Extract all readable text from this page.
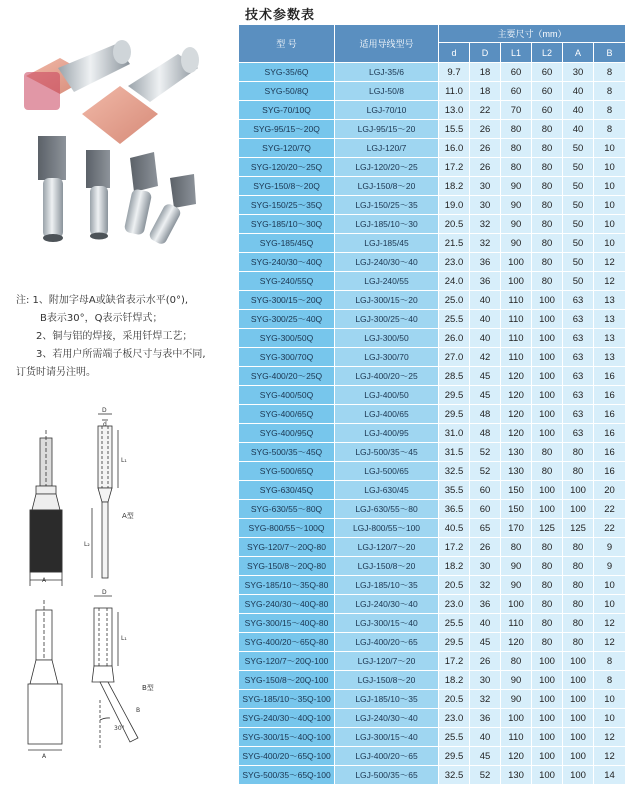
注: 1、附加字母A或缺省表示水平(0°),
B表示30°，Q表示钎焊式；
2、铜与铝的焊接，采用钎焊工艺；
3、若用户所需端子板尺寸与表中不同,
订货时请另注明。
A
D
d
L₁
L₂
A型
A
30°
B
B型
D
L₁
技术参数表
型 号	适用导线型号	主要尺寸（mm）					
		d	D	L1	L2	A	B
SYG-35/6Q	LGJ-35/6	9.7	18	60	60	30	8
SYG-50/8Q	LGJ-50/8	11.0	18	60	60	40	8
SYG-70/10Q	LGJ-70/10	13.0	22	70	60	40	8
SYG-95/15～20Q	LGJ-95/15～20	15.5	26	80	80	40	8
SYG-120/7Q	LGJ-120/7	16.0	26	80	80	50	10
SYG-120/20～25Q	LGJ-120/20～25	17.2	26	80	80	50	10
SYG-150/8～20Q	LGJ-150/8～20	18.2	30	90	80	50	10
SYG-150/25～35Q	LGJ-150/25～35	19.0	30	90	80	50	10
SYG-185/10～30Q	LGJ-185/10～30	20.5	32	90	80	50	10
SYG-185/45Q	LGJ-185/45	21.5	32	90	80	50	10
SYG-240/30～40Q	LGJ-240/30～40	23.0	36	100	80	50	12
SYG-240/55Q	LGJ-240/55	24.0	36	100	80	50	12
SYG-300/15～20Q	LGJ-300/15～20	25.0	40	110	100	63	13
SYG-300/25～40Q	LGJ-300/25～40	25.5	40	110	100	63	13
SYG-300/50Q	LGJ-300/50	26.0	40	110	100	63	13
SYG-300/70Q	LGJ-300/70	27.0	42	110	100	63	13
SYG-400/20～25Q	LGJ-400/20～25	28.5	45	120	100	63	16
SYG-400/50Q	LGJ-400/50	29.5	45	120	100	63	16
SYG-400/65Q	LGJ-400/65	29.5	48	120	100	63	16
SYG-400/95Q	LGJ-400/95	31.0	48	120	100	63	16
SYG-500/35～45Q	LGJ-500/35～45	31.5	52	130	80	80	16
SYG-500/65Q	LGJ-500/65	32.5	52	130	80	80	16
SYG-630/45Q	LGJ-630/45	35.5	60	150	100	100	20
SYG-630/55～80Q	LGJ-630/55～80	36.5	60	150	100	100	22
SYG-800/55～100Q	LGJ-800/55～100	40.5	65	170	125	125	22
SYG-120/7～20Q-80	LGJ-120/7～20	17.2	26	80	80	80	9
SYG-150/8～20Q-80	LGJ-150/8～20	18.2	30	90	80	80	9
SYG-185/10～35Q-80	LGJ-185/10～35	20.5	32	90	80	80	10
SYG-240/30～40Q-80	LGJ-240/30～40	23.0	36	100	80	80	10
SYG-300/15～40Q-80	LGJ-300/15～40	25.5	40	110	80	80	12
SYG-400/20～65Q-80	LGJ-400/20～65	29.5	45	120	80	80	12
SYG-120/7～20Q-100	LGJ-120/7～20	17.2	26	80	100	100	8
SYG-150/8～20Q-100	LGJ-150/8～20	18.2	30	90	100	100	8
SYG-185/10～35Q-100	LGJ-185/10～35	20.5	32	90	100	100	10
SYG-240/30～40Q-100	LGJ-240/30～40	23.0	36	100	100	100	10
SYG-300/15～40Q-100	LGJ-300/15～40	25.5	40	110	100	100	12
SYG-400/20～65Q-100	LGJ-400/20～65	29.5	45	120	100	100	12
SYG-500/35～65Q-100	LGJ-500/35～65	32.5	52	130	100	100	14
